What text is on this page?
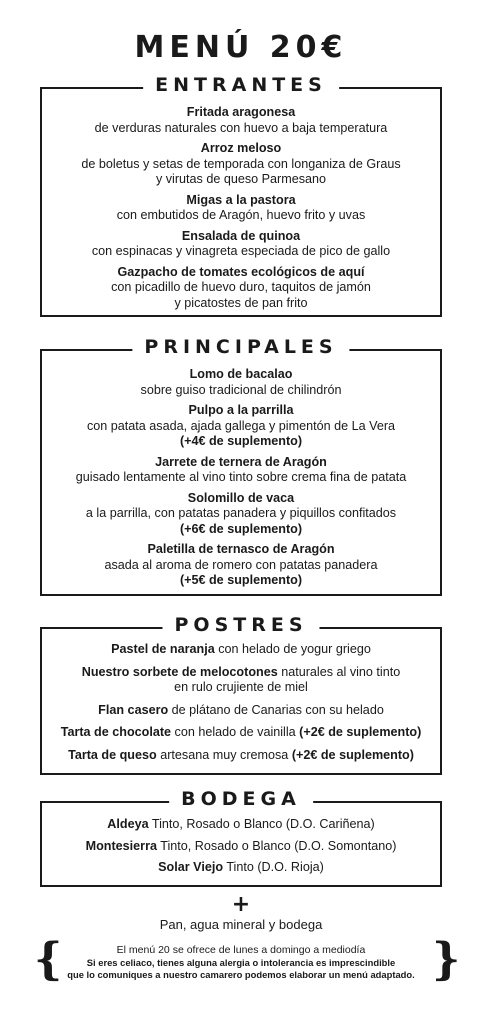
MENÚ 20€
ENTRANTES
Fritada aragonesa
de verduras naturales con huevo a baja temperatura
Arroz meloso
de boletus y setas de temporada con longaniza de Graus
y virutas de queso Parmesano
Migas a la pastora
con embutidos de Aragón, huevo frito y uvas
Ensalada de quinoa
con espinacas y vinagreta especiada de pico de gallo
Gazpacho de tomates ecológicos de aquí
con picadillo de huevo duro, taquitos de jamón
y picatostes de pan frito
PRINCIPALES
Lomo de bacalao
sobre guiso tradicional de chilindrón
Pulpo a la parrilla
con patata asada, ajada gallega y pimentón de La Vera
(+4€ de suplemento)
Jarrete de ternera de Aragón
guisado lentamente al vino tinto sobre crema fina de patata
Solomillo de vaca
a la parrilla, con patatas panadera y piquillos confitados
(+6€ de suplemento)
Paletilla de ternasco de Aragón
asada al aroma de romero con patatas panadera
(+5€ de suplemento)
POSTRES
Pastel de naranja con helado de yogur griego
Nuestro sorbete de melocotones naturales al vino tinto
en rulo crujiente de miel
Flan casero de plátano de Canarias con su helado
Tarta de chocolate con helado de vainilla (+2€ de suplemento)
Tarta de queso artesana muy cremosa (+2€ de suplemento)
BODEGA
Aldeya Tinto, Rosado o Blanco (D.O. Cariñena)
Montesierra Tinto, Rosado o Blanco (D.O. Somontano)
Solar Viejo Tinto (D.O. Rioja)
+
Pan, agua mineral y bodega
{	El menú 20 se ofrece de lunes a domingo a mediodía
Si eres celiaco, tienes alguna alergia o intolerancia es imprescindible
que lo comuniques a nuestro camarero podemos elaborar un menú adaptado. }
